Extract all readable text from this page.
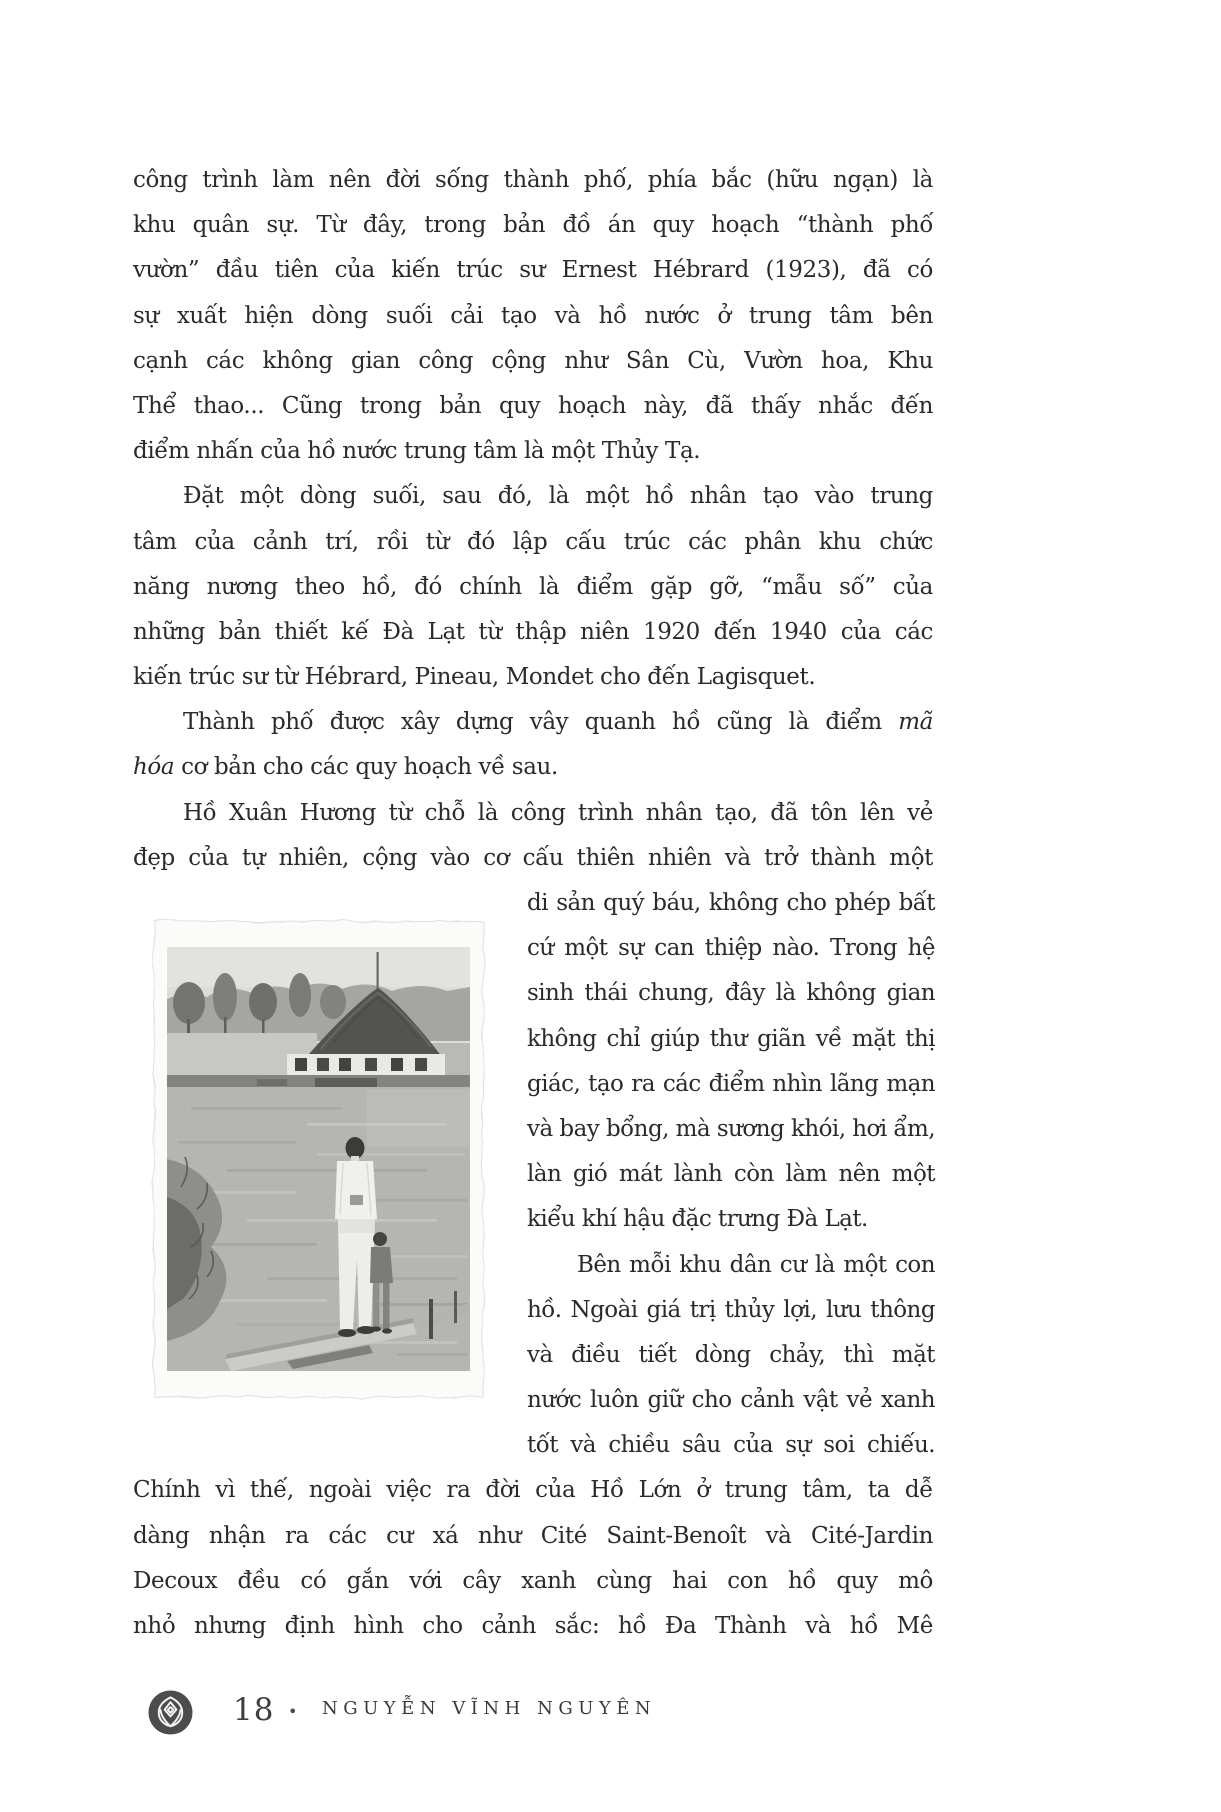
công trình làm nên đời sống thành phố, phía bắc (hữu ngạn) là
khu quân sự. Từ đây, trong bản đồ án quy hoạch “thành phố
vườn” đầu tiên của kiến trúc sư Ernest Hébrard (1923), đã có
sự xuất hiện dòng suối cải tạo và hồ nước ở trung tâm bên
cạnh các không gian công cộng như Sân Cù, Vườn hoa, Khu
Thể thao... Cũng trong bản quy hoạch này, đã thấy nhắc đến
điểm nhấn của hồ nước trung tâm là một Thủy Tạ.
Đặt một dòng suối, sau đó, là một hồ nhân tạo vào trung
tâm của cảnh trí, rồi từ đó lập cấu trúc các phân khu chức
năng nương theo hồ, đó chính là điểm gặp gỡ, “mẫu số” của
những bản thiết kế Đà Lạt từ thập niên 1920 đến 1940 của các
kiến trúc sư từ Hébrard, Pineau, Mondet cho đến Lagisquet.
Thành phố được xây dựng vây quanh hồ cũng là điểm mã
hóa cơ bản cho các quy hoạch về sau.
Hồ Xuân Hương từ chỗ là công trình nhân tạo, đã tôn lên vẻ
đẹp của tự nhiên, cộng vào cơ cấu thiên nhiên và trở thành một
di sản quý báu, không cho phép bất
cứ một sự can thiệp nào. Trong hệ
sinh thái chung, đây là không gian
không chỉ giúp thư giãn về mặt thị
giác, tạo ra các điểm nhìn lãng mạn
và bay bổng, mà sương khói, hơi ẩm,
làn gió mát lành còn làm nên một
kiểu khí hậu đặc trưng Đà Lạt.
Bên mỗi khu dân cư là một con
hồ. Ngoài giá trị thủy lợi, lưu thông
và điều tiết dòng chảy, thì mặt
nước luôn giữ cho cảnh vật vẻ xanh
tốt và chiều sâu của sự soi chiếu.
Chính vì thế, ngoài việc ra đời của Hồ Lớn ở trung tâm, ta dễ
dàng nhận ra các cư xá như Cité Saint-Benoît và Cité-Jardin
Decoux đều có gắn với cây xanh cùng hai con hồ quy mô
nhỏ nhưng định hình cho cảnh sắc: hồ Đa Thành và hồ Mê
18 • NGUYỄN VĨNH NGUYÊN
